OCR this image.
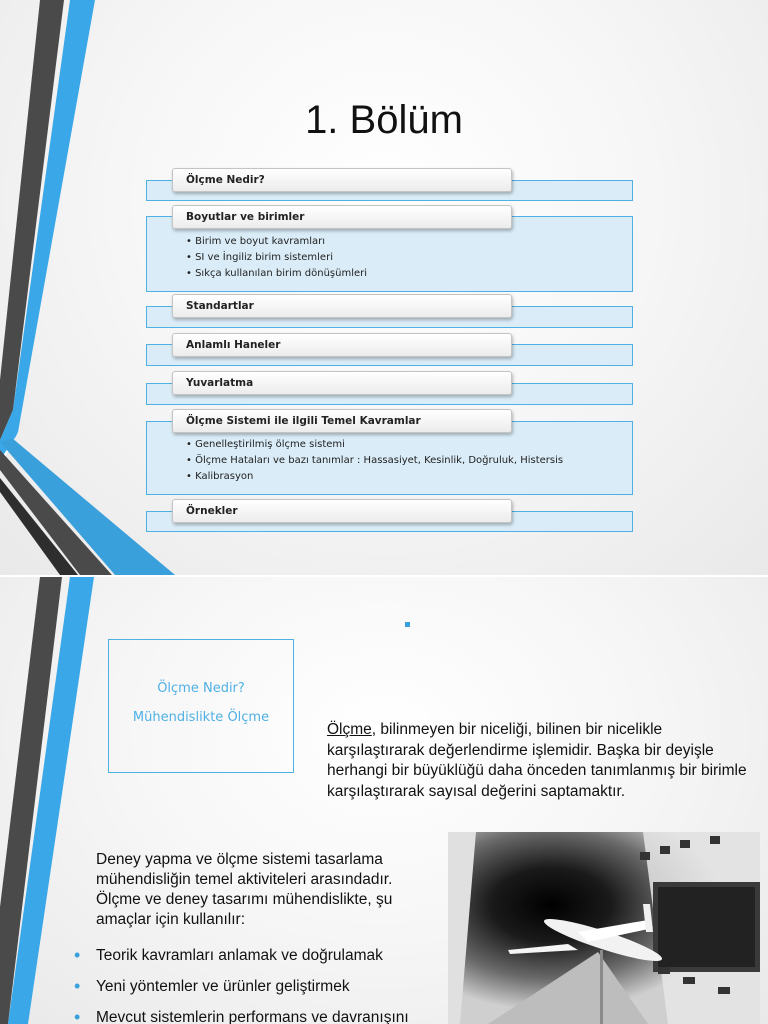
1. Bölüm
Ölçme Nedir?
Boyutlar ve birimler
• Birim ve boyut kavramları
• SI ve İngiliz birim sistemleri
• Sıkça kullanılan birim dönüşümleri
Standartlar
Anlamlı Haneler
Yuvarlatma
Ölçme Sistemi ile ilgili Temel Kavramlar
• Genelleştirilmiş ölçme sistemi
• Ölçme Hataları ve bazı tanımlar : Hassasiyet, Kesinlik, Doğruluk, Histersis
• Kalibrasyon
Örnekler
Ölçme Nedir?
Mühendislikte Ölçme
Ölçme, bilinmeyen bir niceliği, bilinen bir nicelikle karşılaştırarak değerlendirme işlemidir. Başka bir deyişle herhangi bir büyüklüğü daha önceden tanımlanmış bir birimle karşılaştırarak sayısal değerini saptamaktır.
Deney yapma ve ölçme sistemi tasarlama mühendisliğin temel aktiviteleri arasındadır. Ölçme ve deney tasarımı mühendislikte, şu amaçlar için kullanılır:
• Teorik kavramları anlamak ve doğrulamak
• Yeni yöntemler ve ürünler geliştirmek
• Mevcut sistemlerin performans ve davranışını
